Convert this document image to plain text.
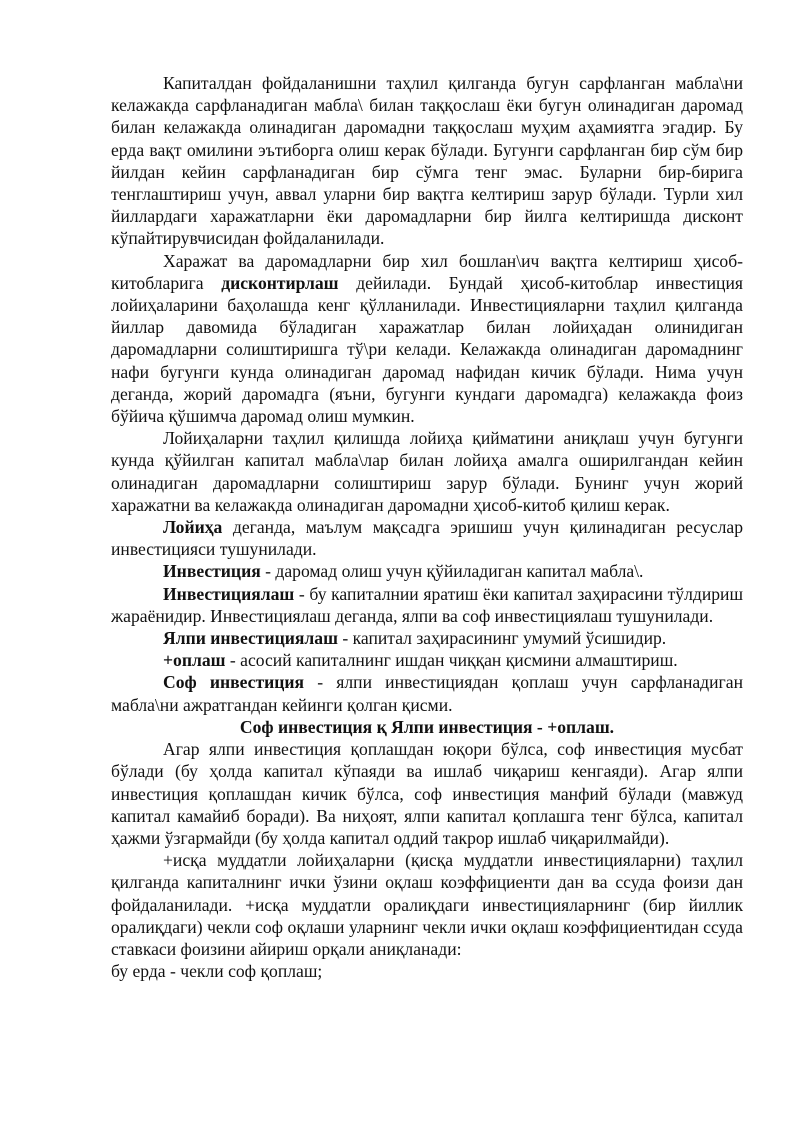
Капиталдан фойдаланишни таҳлил қилганда бугун сарфланган мабла\ни келажакда сарфланадиган мабла\ билан таққослаш ёки бугун олинадиган даромад билан келажакда олинадиган даромадни таққослаш муҳим аҳамиятга эгадир. Бу ерда вақт омилини эътиборга олиш керак бўлади. Бугунги сарфланган бир сўм бир йилдан кейин сарфланадиган бир сўмга тенг эмас. Буларни бир-бирига тенглаштириш учун, аввал уларни бир вақтга келтириш зарур бўлади. Турли хил йиллардаги харажатларни ёки даромадларни бир йилга келтиришда дисконт кўпайтирувчисидан фойдаланилади.

Харажат ва даромадларни бир хил бошлан\ич вақтга келтириш ҳисоб-китобларига дисконтирлаш дейилади. Бундай ҳисоб-китоблар инвестиция лойиҳаларини баҳолашда кенг қўлланилади. Инвестицияларни таҳлил қилганда йиллар давомида бўладиган харажатлар билан лойиҳадан олинидиган даромадларни солиштиришга тў\ри келади. Келажакда олинадиган даромаднинг нафи бугунги кунда олинадиган даромад нафидан кичик бўлади. Нима учун деганда, жорий даромадга (яъни, бугунги кундаги даромадга) келажакда фоиз бўйича қўшимча даромад олиш мумкин.

Лойиҳаларни таҳлил қилишда лойиҳа қийматини аниқлаш учун бугунги кунда қўйилган капитал мабла\лар билан лойиҳа амалга оширилгандан кейин олинадиган даромадларни солиштириш зарур бўлади. Бунинг учун жорий харажатни ва келажакда олинадиган даромадни ҳисоб-китоб қилиш керак.

Лойиҳа деганда, маълум мақсадга эришиш учун қилинадиган ресуслар инвестицияси тушунилади.

Инвестиция - даромад олиш учун қўйиладиган капитал мабла\.

Инвестициялаш - бу капиталнии яратиш ёки капитал заҳирасини тўлдириш жараёнидир. Инвестициялаш деганда, ялпи ва соф инвестициялаш тушунилади.

Ялпи инвестициялаш - капитал заҳирасининг умумий ўсишидир.

+оплаш - асосий капиталнинг ишдан чиққан қисмини алмаштириш.

Соф инвестиция - ялпи инвестициядан қоплаш учун сарфланадиган мабла\ни ажратгандан кейинги қолган қисми.

Соф инвестиция қ Ялпи инвестиция - +оплаш.

Агар ялпи инвестиция қоплашдан юқори бўлса, соф инвестиция мусбат бўлади (бу ҳолда капитал кўпаяди ва ишлаб чиқариш кенгаяди). Агар ялпи инвестиция қоплашдан кичик бўлса, соф инвестиция манфий бўлади (мавжуд капитал камайиб боради). Ва ниҳоят, ялпи капитал қоплашга тенг бўлса, капитал ҳажми ўзгармайди (бу ҳолда капитал оддий такрор ишлаб чиқарилмайди).

+исқа муддатли лойиҳаларни (қисқа муддатли инвестицияларни) таҳлил қилганда капиталнинг ички ўзини оқлаш коэффициенти дан ва ссуда фоизи дан фойдаланилади. +исқа муддатли оралиқдаги инвестицияларнинг (бир йиллик оралиқдаги) чекли соф оқлаши уларнинг чекли ички оқлаш коэффициентидан ссуда ставкаси фоизини айириш орқали аниқланади:

бу ерда - чекли соф қоплаш;
